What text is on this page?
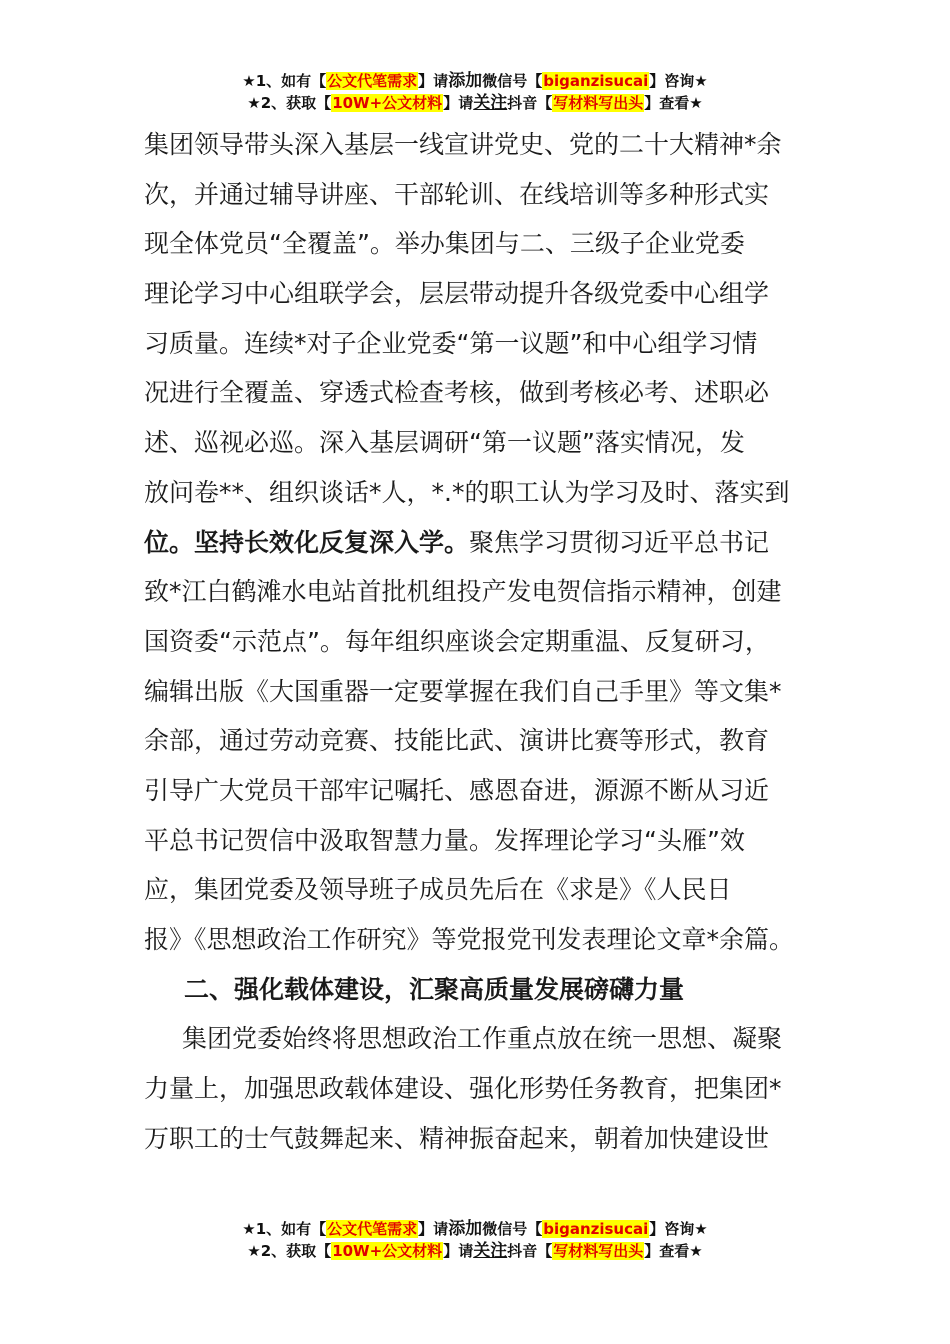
★1、如有【公文代笔需求】请添加微信号【biganzisucai】咨询★
★2、获取【10W+公文材料】请关注抖音【写材料写出头】查看★
集团领导带头深入基层一线宣讲党史、党的二十大精神*余
次，并通过辅导讲座、干部轮训、在线培训等多种形式实
现全体党员“全覆盖”。举办集团与二、三级子企业党委
理论学习中心组联学会，层层带动提升各级党委中心组学
习质量。连续*对子企业党委“第一议题”和中心组学习情
况进行全覆盖、穿透式检查考核，做到考核必考、述职必
述、巡视必巡。深入基层调研“第一议题”落实情况，发
放问卷**、组织谈话*人，*.*的职工认为学习及时、落实到
位。坚持长效化反复深入学。聚焦学习贯彻习近平总书记
致*江白鹤滩水电站首批机组投产发电贺信指示精神，创建
国资委“示范点”。每年组织座谈会定期重温、反复研习，
编辑出版《大国重器一定要掌握在我们自己手里》等文集*
余部，通过劳动竞赛、技能比武、演讲比赛等形式，教育
引导广大党员干部牢记嘱托、感恩奋进，源源不断从习近
平总书记贺信中汲取智慧力量。发挥理论学习“头雁”效
应，集团党委及领导班子成员先后在《求是》《人民日
报》《思想政治工作研究》等党报党刊发表理论文章*余篇。
二、强化载体建设，汇聚高质量发展磅礴力量
集团党委始终将思想政治工作重点放在统一思想、凝聚
力量上，加强思政载体建设、强化形势任务教育，把集团*
万职工的士气鼓舞起来、精神振奋起来，朝着加快建设世
★1、如有【公文代笔需求】请添加微信号【biganzisucai】咨询★
★2、获取【10W+公文材料】请关注抖音【写材料写出头】查看★
